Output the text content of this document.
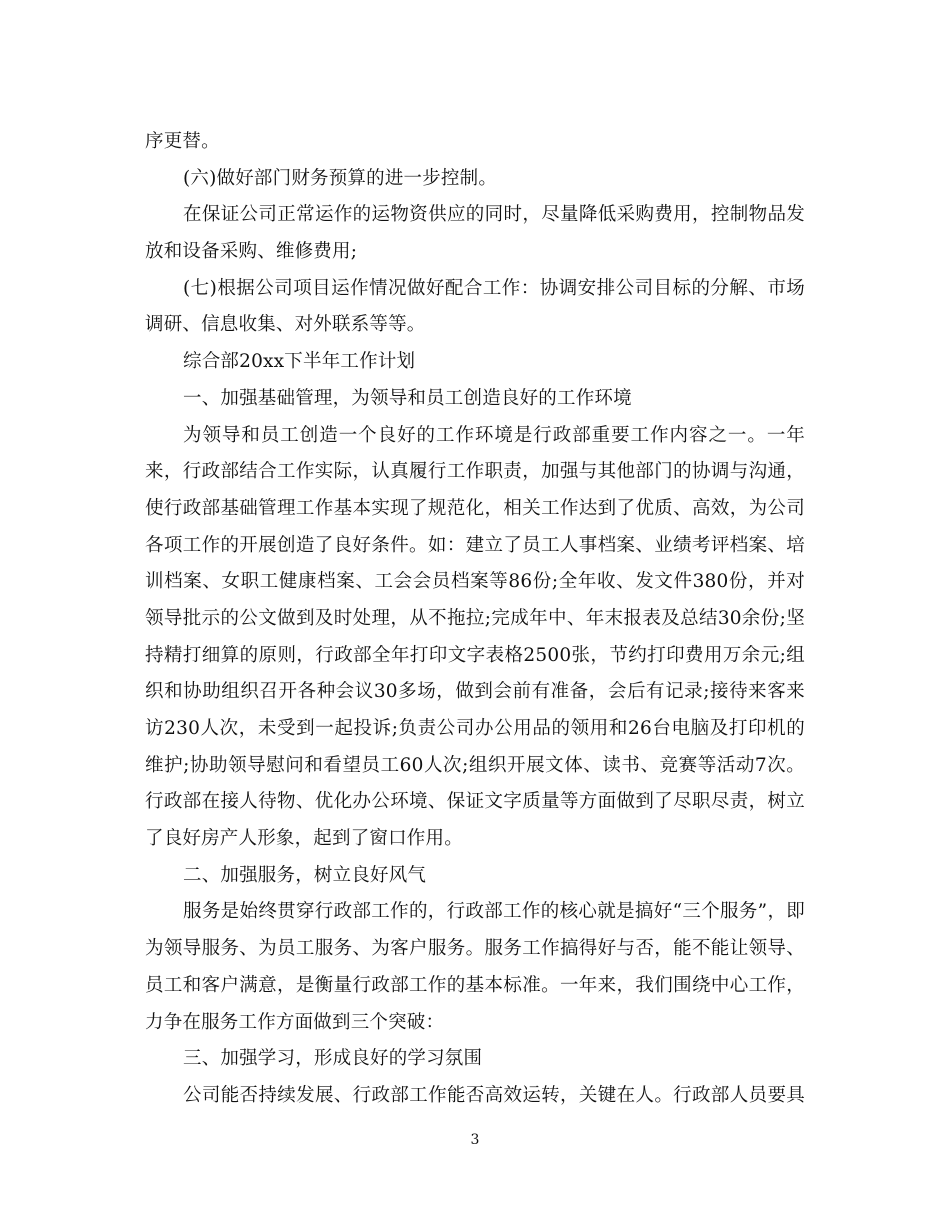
序更替。
(六)做好部门财务预算的进一步控制。
在保证公司正常运作的运物资供应的同时，尽量降低采购费用，控制物品发
放和设备采购、维修费用;
(七)根据公司项目运作情况做好配合工作：协调安排公司目标的分解、市场
调研、信息收集、对外联系等等。
综合部20xx下半年工作计划
一、加强基础管理，为领导和员工创造良好的工作环境
为领导和员工创造一个良好的工作环境是行政部重要工作内容之一。一年
来，行政部结合工作实际，认真履行工作职责，加强与其他部门的协调与沟通，
使行政部基础管理工作基本实现了规范化，相关工作达到了优质、高效，为公司
各项工作的开展创造了良好条件。如：建立了员工人事档案、业绩考评档案、培
训档案、女职工健康档案、工会会员档案等86份;全年收、发文件380份，并对
领导批示的公文做到及时处理，从不拖拉;完成年中、年末报表及总结30余份;坚
持精打细算的原则，行政部全年打印文字表格2500张，节约打印费用万余元;组
织和协助组织召开各种会议30多场，做到会前有准备，会后有记录;接待来客来
访230人次，未受到一起投诉;负责公司办公用品的领用和26台电脑及打印机的
维护;协助领导慰问和看望员工60人次;组织开展文体、读书、竞赛等活动7次。
行政部在接人待物、优化办公环境、保证文字质量等方面做到了尽职尽责，树立
了良好房产人形象，起到了窗口作用。
二、加强服务，树立良好风气
服务是始终贯穿行政部工作的，行政部工作的核心就是搞好“三个服务”，即
为领导服务、为员工服务、为客户服务。服务工作搞得好与否，能不能让领导、
员工和客户满意，是衡量行政部工作的基本标准。一年来，我们围绕中心工作，
力争在服务工作方面做到三个突破：
三、加强学习，形成良好的学习氛围
公司能否持续发展、行政部工作能否高效运转，关键在人。行政部人员要具
3
